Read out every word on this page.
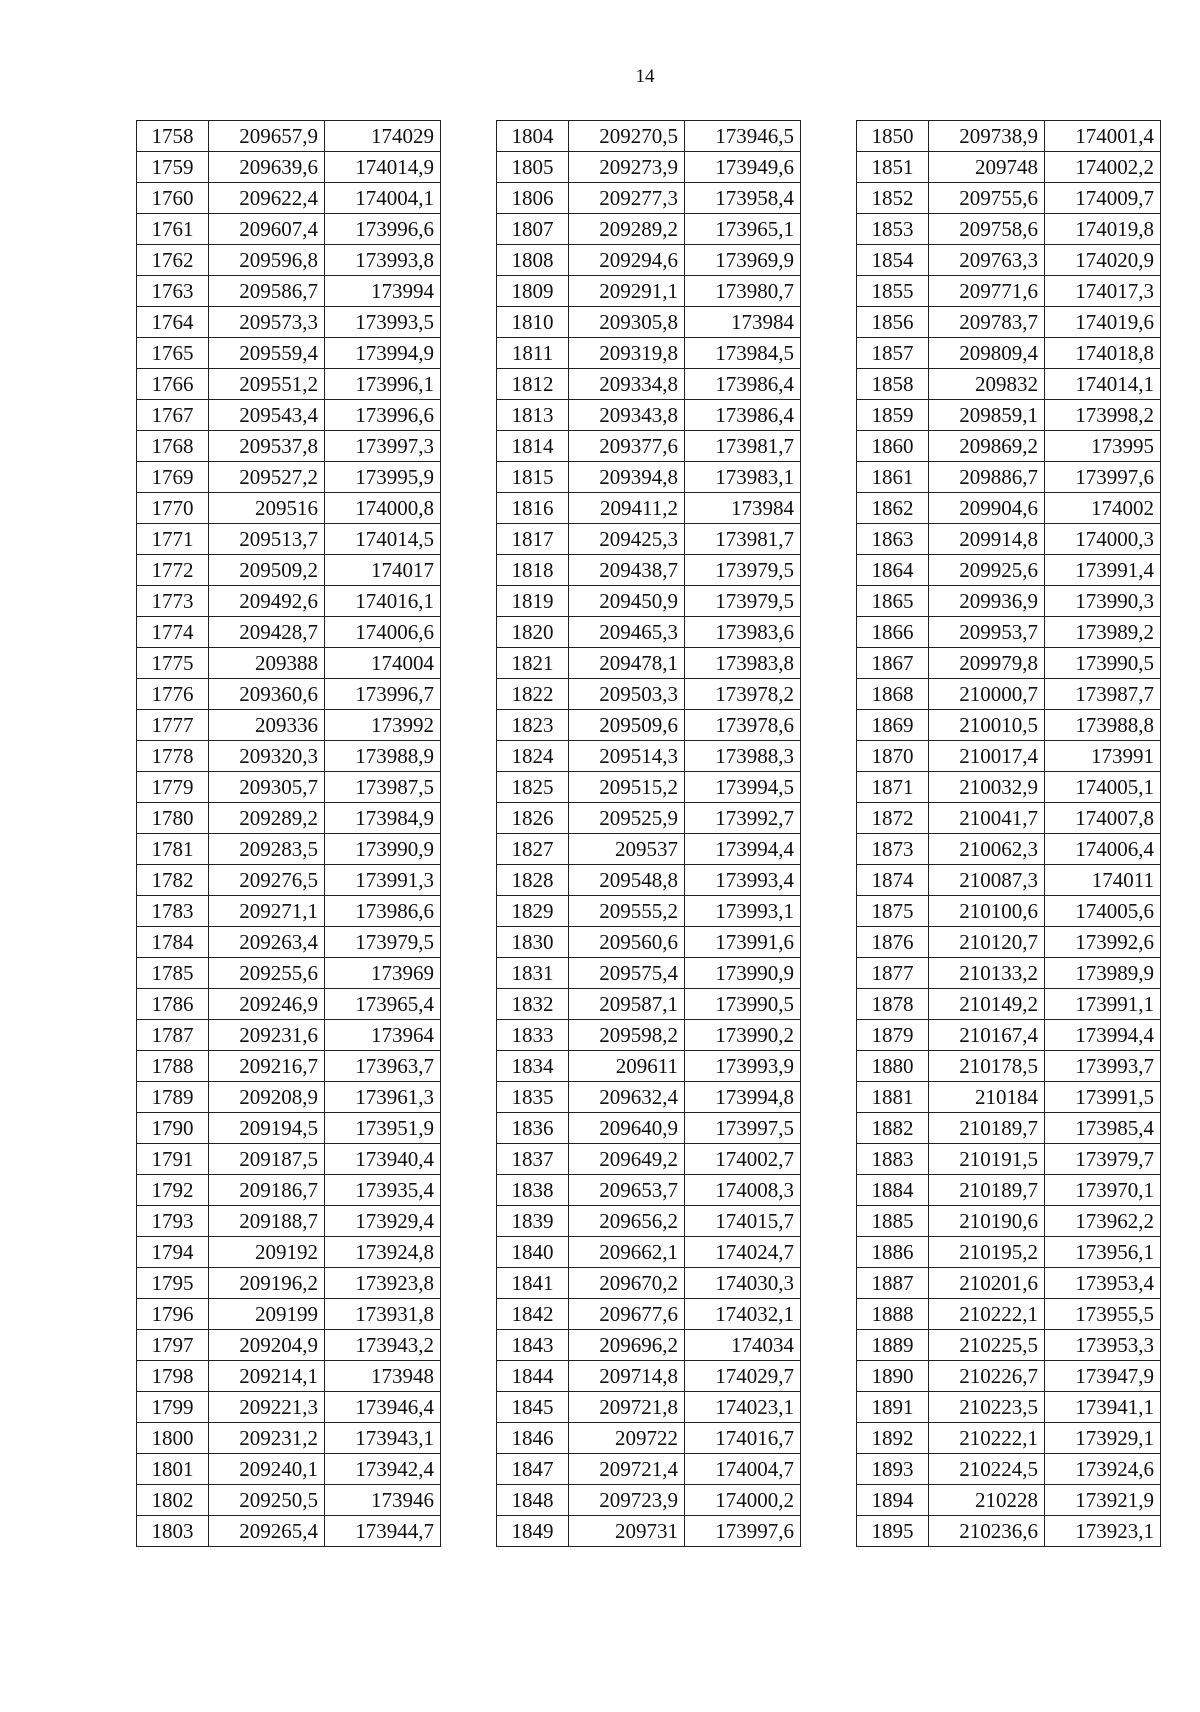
14
1758	209657,9	174029
1759	209639,6	174014,9
1760	209622,4	174004,1
1761	209607,4	173996,6
1762	209596,8	173993,8
1763	209586,7	173994
1764	209573,3	173993,5
1765	209559,4	173994,9
1766	209551,2	173996,1
1767	209543,4	173996,6
1768	209537,8	173997,3
1769	209527,2	173995,9
1770	209516	174000,8
1771	209513,7	174014,5
1772	209509,2	174017
1773	209492,6	174016,1
1774	209428,7	174006,6
1775	209388	174004
1776	209360,6	173996,7
1777	209336	173992
1778	209320,3	173988,9
1779	209305,7	173987,5
1780	209289,2	173984,9
1781	209283,5	173990,9
1782	209276,5	173991,3
1783	209271,1	173986,6
1784	209263,4	173979,5
1785	209255,6	173969
1786	209246,9	173965,4
1787	209231,6	173964
1788	209216,7	173963,7
1789	209208,9	173961,3
1790	209194,5	173951,9
1791	209187,5	173940,4
1792	209186,7	173935,4
1793	209188,7	173929,4
1794	209192	173924,8
1795	209196,2	173923,8
1796	209199	173931,8
1797	209204,9	173943,2
1798	209214,1	173948
1799	209221,3	173946,4
1800	209231,2	173943,1
1801	209240,1	173942,4
1802	209250,5	173946
1803	209265,4	173944,7
1804	209270,5	173946,5
1805	209273,9	173949,6
1806	209277,3	173958,4
1807	209289,2	173965,1
1808	209294,6	173969,9
1809	209291,1	173980,7
1810	209305,8	173984
1811	209319,8	173984,5
1812	209334,8	173986,4
1813	209343,8	173986,4
1814	209377,6	173981,7
1815	209394,8	173983,1
1816	209411,2	173984
1817	209425,3	173981,7
1818	209438,7	173979,5
1819	209450,9	173979,5
1820	209465,3	173983,6
1821	209478,1	173983,8
1822	209503,3	173978,2
1823	209509,6	173978,6
1824	209514,3	173988,3
1825	209515,2	173994,5
1826	209525,9	173992,7
1827	209537	173994,4
1828	209548,8	173993,4
1829	209555,2	173993,1
1830	209560,6	173991,6
1831	209575,4	173990,9
1832	209587,1	173990,5
1833	209598,2	173990,2
1834	209611	173993,9
1835	209632,4	173994,8
1836	209640,9	173997,5
1837	209649,2	174002,7
1838	209653,7	174008,3
1839	209656,2	174015,7
1840	209662,1	174024,7
1841	209670,2	174030,3
1842	209677,6	174032,1
1843	209696,2	174034
1844	209714,8	174029,7
1845	209721,8	174023,1
1846	209722	174016,7
1847	209721,4	174004,7
1848	209723,9	174000,2
1849	209731	173997,6
1850	209738,9	174001,4
1851	209748	174002,2
1852	209755,6	174009,7
1853	209758,6	174019,8
1854	209763,3	174020,9
1855	209771,6	174017,3
1856	209783,7	174019,6
1857	209809,4	174018,8
1858	209832	174014,1
1859	209859,1	173998,2
1860	209869,2	173995
1861	209886,7	173997,6
1862	209904,6	174002
1863	209914,8	174000,3
1864	209925,6	173991,4
1865	209936,9	173990,3
1866	209953,7	173989,2
1867	209979,8	173990,5
1868	210000,7	173987,7
1869	210010,5	173988,8
1870	210017,4	173991
1871	210032,9	174005,1
1872	210041,7	174007,8
1873	210062,3	174006,4
1874	210087,3	174011
1875	210100,6	174005,6
1876	210120,7	173992,6
1877	210133,2	173989,9
1878	210149,2	173991,1
1879	210167,4	173994,4
1880	210178,5	173993,7
1881	210184	173991,5
1882	210189,7	173985,4
1883	210191,5	173979,7
1884	210189,7	173970,1
1885	210190,6	173962,2
1886	210195,2	173956,1
1887	210201,6	173953,4
1888	210222,1	173955,5
1889	210225,5	173953,3
1890	210226,7	173947,9
1891	210223,5	173941,1
1892	210222,1	173929,1
1893	210224,5	173924,6
1894	210228	173921,9
1895	210236,6	173923,1
